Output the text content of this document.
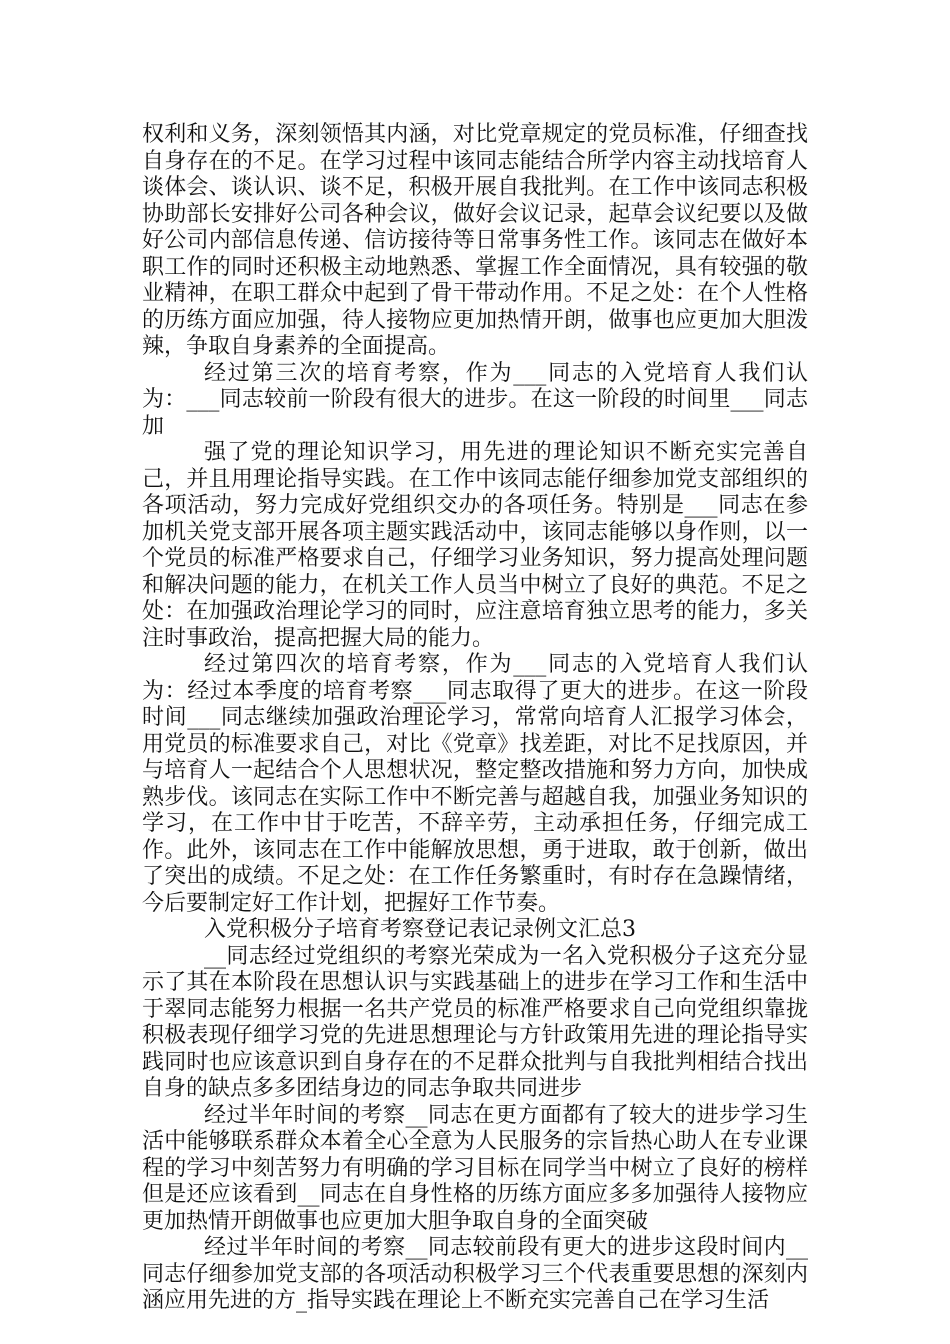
权利和义务，深刻领悟其内涵，对比党章规定的党员标准，仔细查找自身存在的不足。在学习过程中该同志能结合所学内容主动找培育人谈体会、谈认识、谈不足，积极开展自我批判。在工作中该同志积极协助部长安排好公司各种会议，做好会议记录，起草会议纪要以及做好公司内部信息传递、信访接待等日常事务性工作。该同志在做好本职工作的同时还积极主动地熟悉、掌握工作全面情况，具有较强的敬业精神，在职工群众中起到了骨干带动作用。不足之处：在个人性格的历练方面应加强，待人接物应更加热情开朗，做事也应更加大胆泼辣，争取自身素养的全面提高。

经过第三次的培育考察，作为___同志的入党培育人我们认为：___同志较前一阶段有很大的进步。在这一阶段的时间里___同志加

强了党的理论知识学习，用先进的理论知识不断充实完善自己，并且用理论指导实践。在工作中该同志能仔细参加党支部组织的各项活动，努力完成好党组织交办的各项任务。特别是___同志在参加机关党支部开展各项主题实践活动中，该同志能够以身作则，以一个党员的标准严格要求自己，仔细学习业务知识，努力提高处理问题和解决问题的能力，在机关工作人员当中树立了良好的典范。不足之处：在加强政治理论学习的同时，应注意培育独立思考的能力，多关注时事政治，提高把握大局的能力。

经过第四次的培育考察，作为___同志的入党培育人我们认为：经过本季度的培育考察___同志取得了更大的进步。在这一阶段时间___同志继续加强政治理论学习，常常向培育人汇报学习体会，用党员的标准要求自己，对比《党章》找差距，对比不足找原因，并与培育人一起结合个人思想状况，整定整改措施和努力方向，加快成熟步伐。该同志在实际工作中不断完善与超越自我，加强业务知识的学习，在工作中甘于吃苦，不辞辛劳，主动承担任务，仔细完成工作。此外，该同志在工作中能解放思想，勇于进取，敢于创新，做出了突出的成绩。不足之处：在工作任务繁重时，有时存在急躁情绪，今后要制定好工作计划，把握好工作节奏。

入党积极分子培育考察登记表记录例文汇总3

__同志经过党组织的考察光荣成为一名入党积极分子这充分显示了其在本阶段在思想认识与实践基础上的进步在学习工作和生活中于翠同志能努力根据一名共产党员的标准严格要求自己向党组织靠拢积极表现仔细学习党的先进思想理论与方针政策用先进的理论指导实践同时也应该意识到自身存在的不足群众批判与自我批判相结合找出自身的缺点多多团结身边的同志争取共同进步

经过半年时间的考察__同志在更方面都有了较大的进步学习生活中能够联系群众本着全心全意为人民服务的宗旨热心助人在专业课程的学习中刻苦努力有明确的学习目标在同学当中树立了良好的榜样但是还应该看到__同志在自身性格的历练方面应多多加强待人接物应更加热情开朗做事也应更加大胆争取自身的全面突破

经过半年时间的考察__同志较前段有更大的进步这段时间内__同志仔细参加党支部的各项活动积极学习三个代表重要思想的深刻内涵应用先进的方_指导实践在理论上不断充实完善自己在学习生活
